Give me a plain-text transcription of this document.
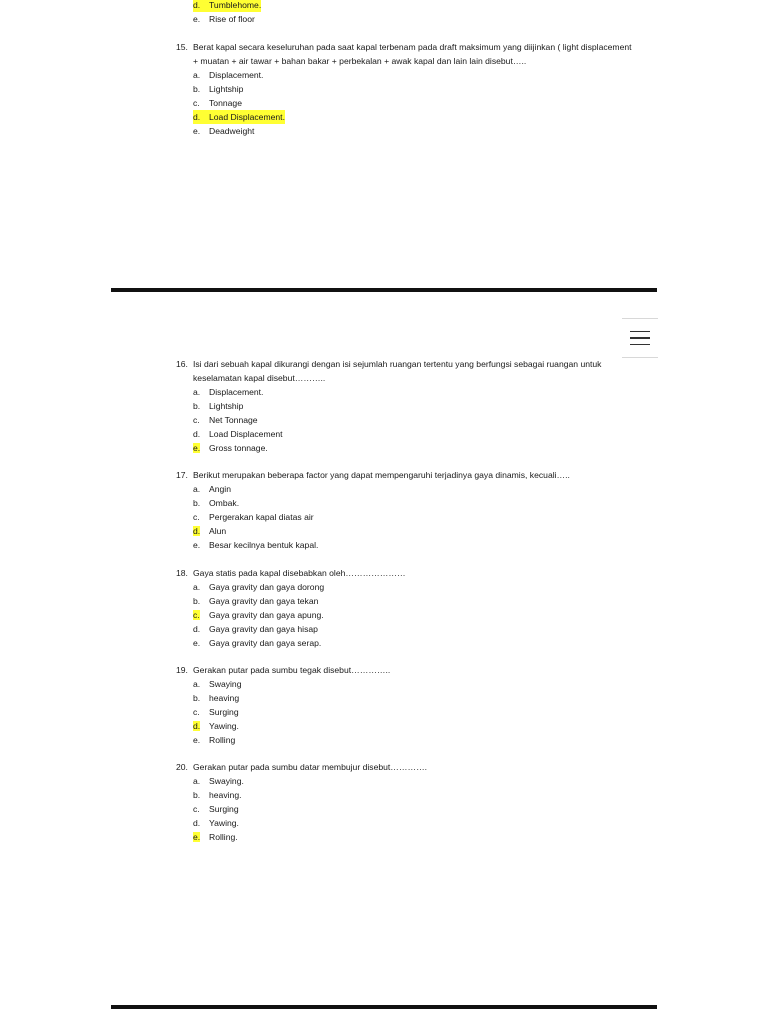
d.	Tumblehome.
e.	Rise of floor
15. Berat kapal secara keseluruhan pada saat kapal terbenam pada draft maksimum yang diijinkan ( light displacement + muatan + air tawar + bahan bakar + perbekalan + awak kapal dan lain lain disebut…..
a.	Displacement.
b.	Lightship
c.	Tonnage
d.	Load Displacement.
e.	Deadweight
16. Isi dari sebuah kapal dikurangi dengan isi sejumlah ruangan tertentu yang berfungsi sebagai ruangan untuk keselamatan kapal disebut………..
a.	Displacement.
b.	Lightship
c.	Net Tonnage
d.	Load Displacement
e.	Gross tonnage.
17. Berikut merupakan beberapa factor yang dapat mempengaruhi terjadinya gaya dinamis, kecuali…..
a.	Angin
b.	Ombak.
c.	Pergerakan kapal diatas air
d.	Alun
e.	Besar kecilnya bentuk kapal.
18. Gaya statis pada kapal disebabkan oleh…………………
a.	Gaya gravity dan gaya dorong
b.	Gaya gravity dan gaya tekan
c.	Gaya gravity dan gaya apung.
d.	Gaya gravity dan gaya hisap
e.	Gaya gravity dan gaya serap.
19. Gerakan putar pada sumbu tegak disebut…………..
a.	Swaying
b.	heaving
c.	Surging
d.	Yawing.
e.	Rolling
20. Gerakan putar pada sumbu datar membujur disebut………….
a.	Swaying.
b.	heaving.
c.	Surging
d.	Yawing.
e.	Rolling.
